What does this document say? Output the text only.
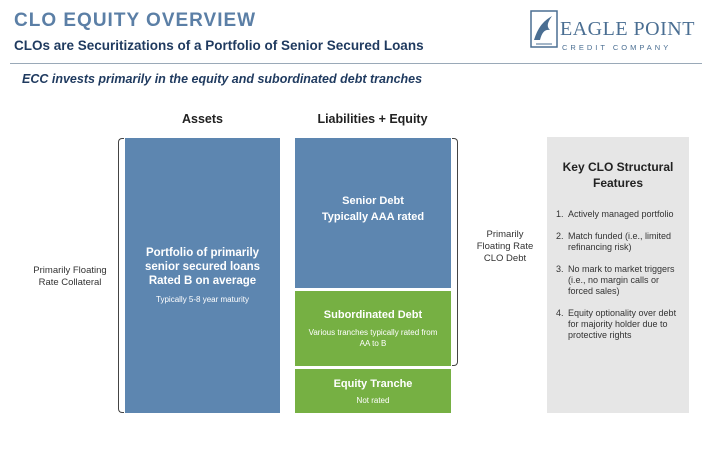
CLO EQUITY OVERVIEW
CLOs are Securitizations of a Portfolio of Senior Secured Loans
EAGLE POINT
CREDIT COMPANY
ECC invests primarily in the equity and subordinated debt tranches
Assets	Liabilities + Equity
Primarily Floating Rate Collateral
Portfolio of primarily senior secured loans Rated B on average
Typically 5-8 year maturity
Senior Debt
Typically AAA rated
Subordinated Debt
Various tranches typically rated from AA to B
Equity Tranche
Not rated
Primarily Floating Rate CLO Debt
Key CLO Structural Features
1. Actively managed portfolio
2. Match funded (i.e., limited refinancing risk)
3. No mark to market triggers (i.e., no margin calls or forced sales)
4. Equity optionality over debt for majority holder due to protective rights
